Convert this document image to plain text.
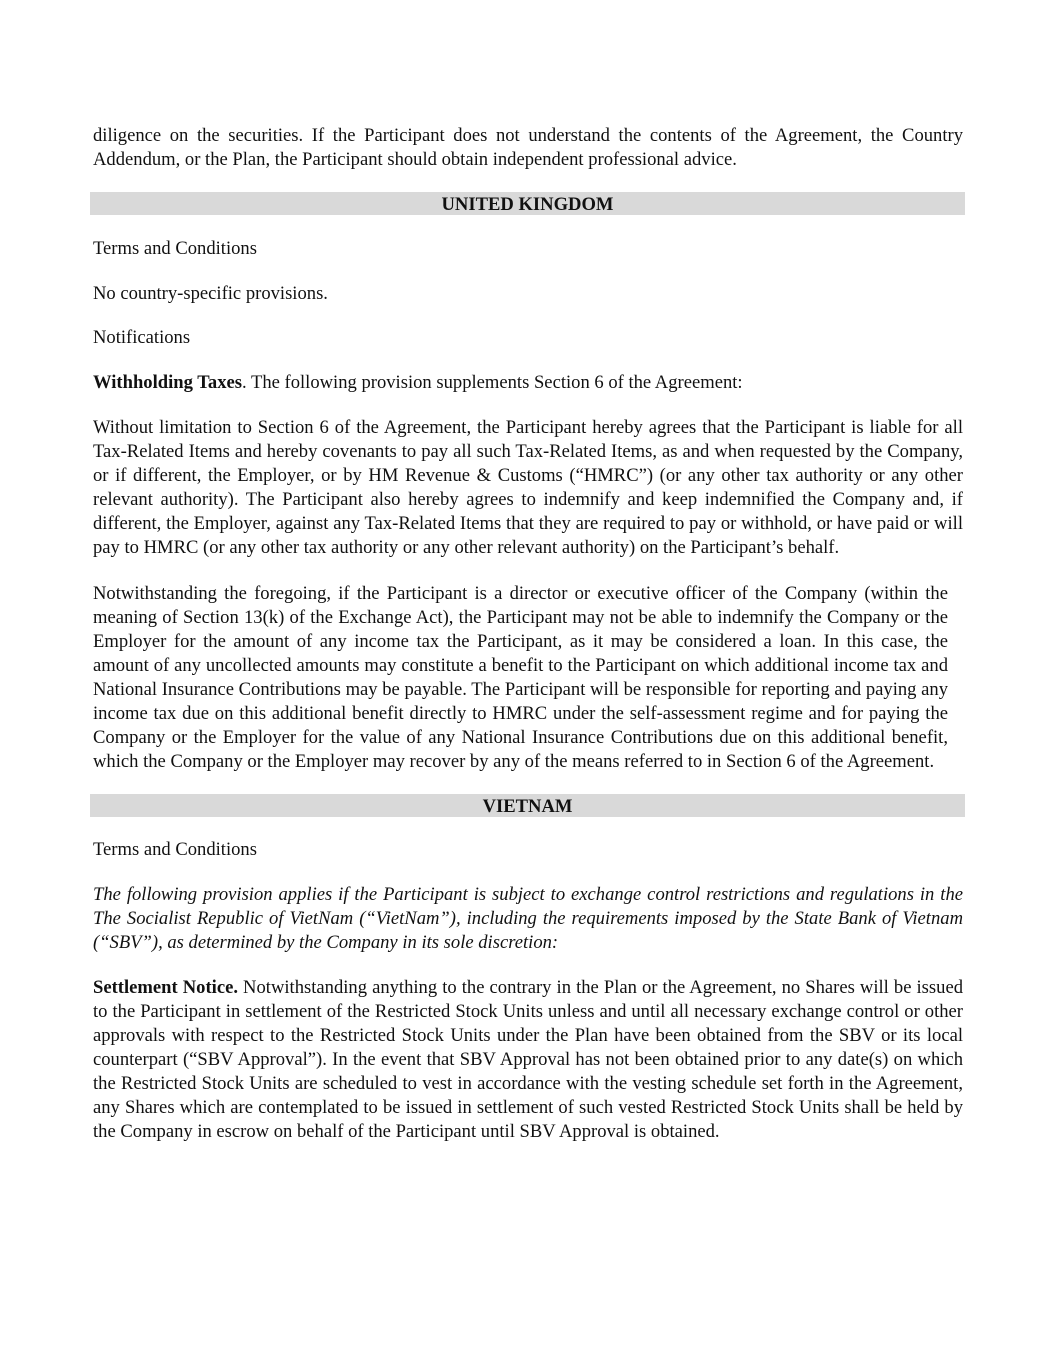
diligence on the securities. If the Participant does not understand the contents of the Agreement, the Country Addendum, or the Plan, the Participant should obtain independent professional advice.

UNITED KINGDOM

Terms and Conditions

No country-specific provisions.

Notifications

Withholding Taxes. The following provision supplements Section 6 of the Agreement:

Without limitation to Section 6 of the Agreement, the Participant hereby agrees that the Participant is liable for all Tax-Related Items and hereby covenants to pay all such Tax-Related Items, as and when requested by the Company, or if different, the Employer, or by HM Revenue & Customs (“HMRC”) (or any other tax authority or any other relevant authority). The Participant also hereby agrees to indemnify and keep indemnified the Company and, if different, the Employer, against any Tax-Related Items that they are required to pay or withhold, or have paid or will pay to HMRC (or any other tax authority or any other relevant authority) on the Participant’s behalf.

Notwithstanding the foregoing, if the Participant is a director or executive officer of the Company (within the meaning of Section 13(k) of the Exchange Act), the Participant may not be able to indemnify the Company or the Employer for the amount of any income tax the Participant, as it may be considered a loan. In this case, the amount of any uncollected amounts may constitute a benefit to the Participant on which additional income tax and National Insurance Contributions may be payable. The Participant will be responsible for reporting and paying any income tax due on this additional benefit directly to HMRC under the self-assessment regime and for paying the Company or the Employer for the value of any National Insurance Contributions due on this additional benefit, which the Company or the Employer may recover by any of the means referred to in Section 6 of the Agreement.

VIETNAM

Terms and Conditions

The following provision applies if the Participant is subject to exchange control restrictions and regulations in the The Socialist Republic of VietNam (“VietNam”), including the requirements imposed by the State Bank of Vietnam (“SBV”), as determined by the Company in its sole discretion:

Settlement Notice. Notwithstanding anything to the contrary in the Plan or the Agreement, no Shares will be issued to the Participant in settlement of the Restricted Stock Units unless and until all necessary exchange control or other approvals with respect to the Restricted Stock Units under the Plan have been obtained from the SBV or its local counterpart (“SBV Approval”). In the event that SBV Approval has not been obtained prior to any date(s) on which the Restricted Stock Units are scheduled to vest in accordance with the vesting schedule set forth in the Agreement, any Shares which are contemplated to be issued in settlement of such vested Restricted Stock Units shall be held by the Company in escrow on behalf of the Participant until SBV Approval is obtained.
